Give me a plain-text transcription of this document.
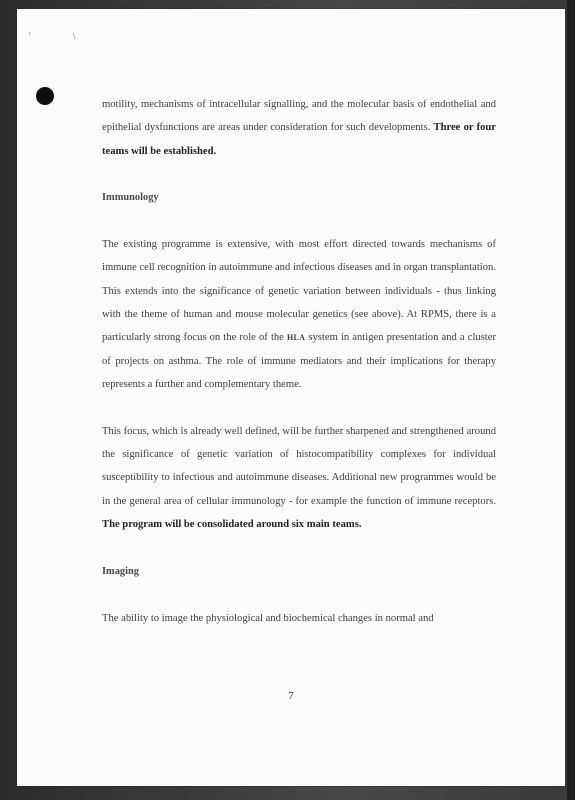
' \

motility, mechanisms of intracellular signalling, and the molecular basis of endothelial and epithelial dysfunctions are areas under consideration for such developments. Three or four teams will be established.

Immunology

The existing programme is extensive, with most effort directed towards mechanisms of immune cell recognition in autoimmune and infectious diseases and in organ transplantation. This extends into the significance of genetic variation between individuals - thus linking with the theme of human and mouse molecular genetics (see above). At RPMS, there is a particularly strong focus on the role of the HLA system in antigen presentation and a cluster of projects on asthma. The role of immune mediators and their implications for therapy represents a further and complementary theme.

This focus, which is already well defined, will be further sharpened and strengthened around the significance of genetic variation of histocompatibility complexes for individual susceptibility to infectious and autoimmune diseases. Additional new programmes would be in the general area of cellular immunology - for example the function of immune receptors. The program will be consolidated around six main teams.

Imaging

The ability to image the physiological and biochemical changes in normal and

7
